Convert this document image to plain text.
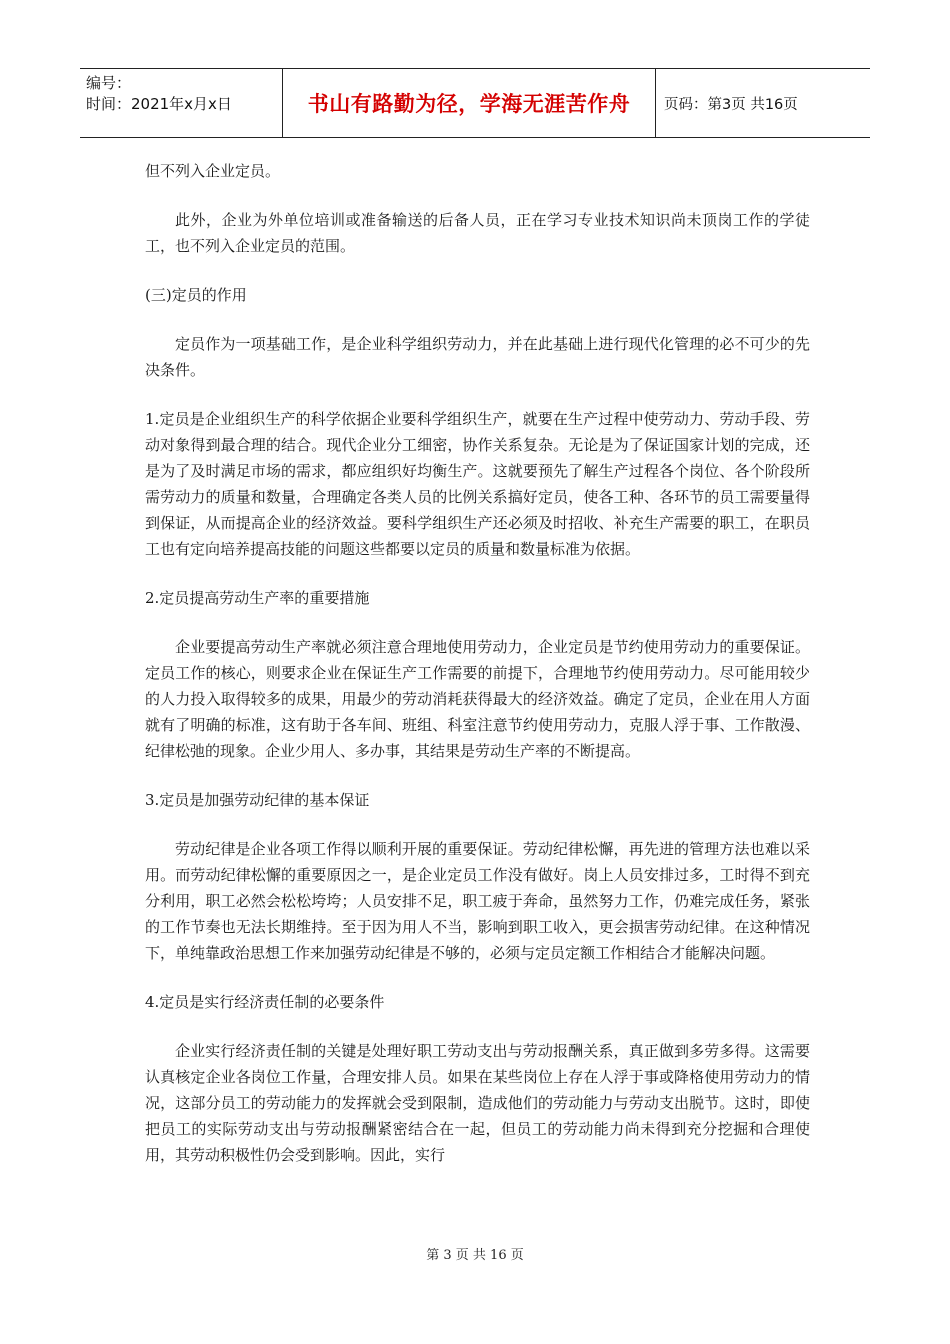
编号：
时间：2021年x月x日	书山有路勤为径，学海无涯苦作舟 页码：第3页 共16页

但不列入企业定员。

此外，企业为外单位培训或准备输送的后备人员，正在学习专业技术知识尚未顶岗工作的学徒工，也不列入企业定员的范围。

(三)定员的作用

定员作为一项基础工作，是企业科学组织劳动力，并在此基础上进行现代化管理的必不可少的先决条件。

1.定员是企业组织生产的科学依据企业要科学组织生产，就要在生产过程中使劳动力、劳动手段、劳动对象得到最合理的结合。现代企业分工细密，协作关系复杂。无论是为了保证国家计划的完成，还是为了及时满足市场的需求，都应组织好均衡生产。这就要预先了解生产过程各个岗位、各个阶段所需劳动力的质量和数量，合理确定各类人员的比例关系搞好定员，使各工种、各环节的员工需要量得到保证，从而提高企业的经济效益。要科学组织生产还必须及时招收、补充生产需要的职工，在职员工也有定向培养提高技能的问题这些都要以定员的质量和数量标准为依据。

2.定员提高劳动生产率的重要措施

企业要提高劳动生产率就必须注意合理地使用劳动力，企业定员是节约使用劳动力的重要保证。定员工作的核心，则要求企业在保证生产工作需要的前提下，合理地节约使用劳动力。尽可能用较少的人力投入取得较多的成果，用最少的劳动消耗获得最大的经济效益。确定了定员，企业在用人方面就有了明确的标准，这有助于各车间、班组、科室注意节约使用劳动力，克服人浮于事、工作散漫、纪律松弛的现象。企业少用人、多办事，其结果是劳动生产率的不断提高。

3.定员是加强劳动纪律的基本保证

劳动纪律是企业各项工作得以顺利开展的重要保证。劳动纪律松懈，再先进的管理方法也难以采用。而劳动纪律松懈的重要原因之一，是企业定员工作没有做好。岗上人员安排过多，工时得不到充分利用，职工必然会松松垮垮；人员安排不足，职工疲于奔命，虽然努力工作，仍难完成任务，紧张的工作节奏也无法长期维持。至于因为用人不当，影响到职工收入，更会损害劳动纪律。在这种情况下，单纯靠政治思想工作来加强劳动纪律是不够的，必须与定员定额工作相结合才能解决问题。

4.定员是实行经济责任制的必要条件

企业实行经济责任制的关键是处理好职工劳动支出与劳动报酬关系，真正做到多劳多得。这需要认真核定企业各岗位工作量，合理安排人员。如果在某些岗位上存在人浮于事或降格使用劳动力的情况，这部分员工的劳动能力的发挥就会受到限制，造成他们的劳动能力与劳动支出脱节。这时，即使把员工的实际劳动支出与劳动报酬紧密结合在一起，但员工的劳动能力尚未得到充分挖掘和合理使用，其劳动积极性仍会受到影响。因此，实行

第 3 页 共 16 页
